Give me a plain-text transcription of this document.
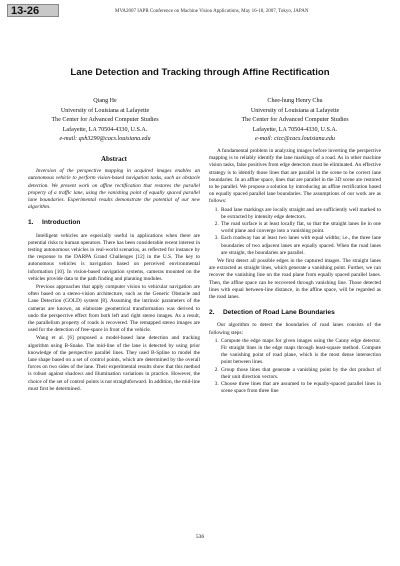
13-26	MVA2007 IAPR Conference on Machine Vision Applications, May 16-18, 2007, Tokyo, JAPAN
Lane Detection and Tracking through Affine Rectification
Qiang He
University of Louisiana at Lafayette
The Center for Advanced Computer Studies
Lafayette, LA 70504-4330, U.S.A.
e-mail: qxh3290@cacs.louisiana.edu
Chee-hung Henry Chu
University of Louisiana at Lafayette
The Center for Advanced Computer Studies
Lafayette, LA 70504-4330, U.S.A.
e-mail: cicc@cacs.louisiana.edu
Abstract

Inversion of the perspective mapping in acquired images enables an autonomous vehicle to perform vision-based navigation tasks, such as obstacle detection. We present work on affine rectification that restores the parallel property of a traffic lane, using the vanishing point of equally spaced parallel lane boundaries. Experimental results demonstrate the potential of our new algorithm.

1. Introduction

Intelligent vehicles are especially useful in applications when there are potential risks to human operators. There has been considerable recent interest in testing autonomous vehicles in real-world scenarios, as reflected for instance by the response to the DARPA Grand Challenges [12] in the U.S. The key to autonomous vehicles is navigation based on perceived environmental information [10]. In vision-based navigation systems, cameras mounted on the vehicles provide data to the path finding and planning modules.

Previous approaches that apply computer vision to vehicular navigation are often based on a stereo-vision architecture, such as the Generic Obstacle and Lane Detection (GOLD) system [8]. Assuming the intrinsic parameters of the cameras are known, an elaborate geometrical transformation was derived to undo the perspective effect from both left and right stereo images. As a result, the parallelism property of roads is recovered. The remapped stereo images are used for the detection of free-space in front of the vehicle.

Wang et al. [6] proposed a model-based lane detection and tracking algorithm using B-Snake. The mid-line of the lane is detected by using prior knowledge of the perspective parallel lines. They used B-Spline to model the lane shape based on a set of control points, which are determined by the overall forces on two sides of the lane. Their experimental results show that this method is robust against shadows and illumination variations in practice. However, the choice of the set of control points is not straightforward. In addition, the mid-line must first be determined.

A fundamental problem in analyzing images before inverting the perspective mapping is to reliably identify the lane markings of a road. As in other machine vision tasks, false positives from edge detectors must be eliminated. An effective strategy is to identify those lines that are parallel in the scene to be correct lane boundaries. In an affine space, lines that are parallel in the 3D scene are restored to be parallel. We propose a solution by introducing an affine rectification based on equally spaced parallel lane boundaries. The assumptions of our work are as follows:

1. Road lane markings are locally straight and are sufficiently well marked to be extracted by intensity edge detectors.
2. The road surface is at least locally flat, so that the straight lanes lie in one world plane and converge into a vanishing point.
3. Each roadway has at least two lanes with equal widths; i.e., the three lane boundaries of two adjacent lanes are equally spaced. When the road lanes are straight, the boundaries are parallel.

We first detect all possible edges in the captured images. The straight lanes are extracted as straight lines, which generate a vanishing point. Further, we can recover the vanishing line on the road plane from equally spaced parallel lanes. Then, the affine space can be recovered through vanishing line. Those detected lines with equal between-line distance, in the affine space, will be regarded as the road lanes.

2. Detection of Road Lane Boundaries

Our algorithm to detect the boundaries of road lanes consists of the following steps:

1. Compute the edge maps for given images using the Canny edge detector. Fit straight lines in the edge maps through least-square method. Compute the vanishing point of road plane, which is the most dense intersection point between lines.
2. Group those lines that generate a vanishing point by the dot product of their unit direction vectors.
3. Choose three lines that are assumed to be equally-spaced parallel lines in scene space from three line
536
